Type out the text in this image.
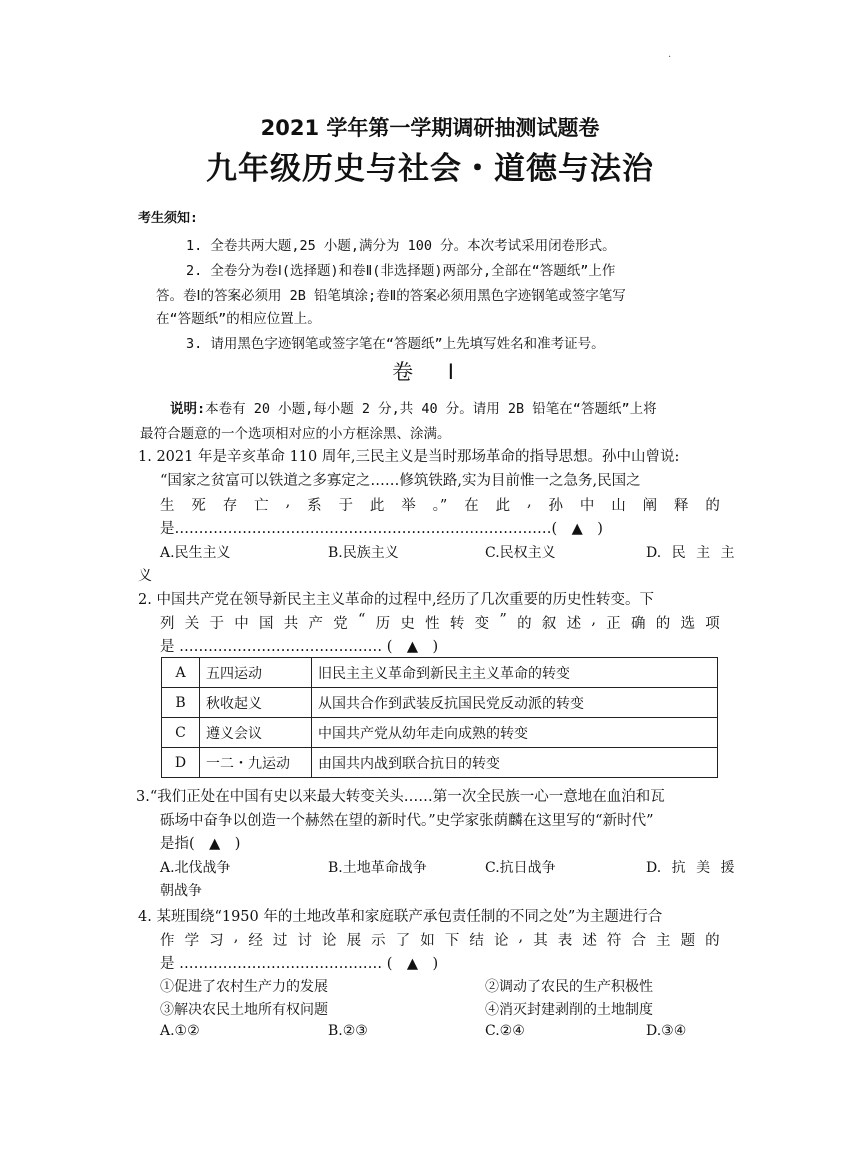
·
2021 学年第一学期调研抽测试题卷
九年级历史与社会・道德与法治
考生须知:
1. 全卷共两大题,25 小题,满分为 100 分。本次考试采用闭卷形式。
2. 全卷分为卷Ⅰ(选择题)和卷Ⅱ(非选择题)两部分,全部在“答题纸”上作
答。卷Ⅰ的答案必须用 2B 铅笔填涂;卷Ⅱ的答案必须用黑色字迹钢笔或签字笔写
在“答题纸”的相应位置上。
3. 请用黑色字迹钢笔或签字笔在“答题纸”上先填写姓名和准考证号。
卷 Ⅰ
说明:本卷有 20 小题,每小题 2 分,共 40 分。请用 2B 铅笔在“答题纸”上将
最符合题意的一个选项相对应的小方框涂黑、涂满。
1. 2021 年是辛亥革命 110 周年,三民主义是当时那场革命的指导思想。孙中山曾说:
“国家之贫富可以铁道之多寡定之……修筑铁路,实为目前惟一之急务,民国之
生 死 存 亡 , 系 于 此 举 。” 在 此 , 孙 中 山 阐 释 的
是……………………………………………………………………(　▲　)
A.民生主义	B.民族主义	C.民权主义	D. 民 主 主
义
2. 中国共产党在领导新民主主义革命的过程中,经历了几次重要的历史性转变。下
列 关 于 中 国 共 产 党 “ 历 史 性 转 变 ” 的 叙 述 , 正 确 的 选 项
是 …………………………………… (　▲　)
A	五四运动	旧民主主义革命到新民主主义革命的转变
B	秋收起义	从国共合作到武装反抗国民党反动派的转变
C	遵义会议	中国共产党从幼年走向成熟的转变
D	一二・九运动	由国共内战到联合抗日的转变
3.“我们正处在中国有史以来最大转变关头……第一次全民族一心一意地在血泊和瓦
砾场中奋争以创造一个赫然在望的新时代。”史学家张荫麟在这里写的“新时代”
是指(　▲　)
A.北伐战争	B.土地革命战争	C.抗日战争	D. 抗 美 援
朝战争
4. 某班围绕“1950 年的土地改革和家庭联产承包责任制的不同之处”为主题进行合
作 学 习 , 经 过 讨 论 展 示 了 如 下 结 论 , 其 表 述 符 合 主 题 的
是 …………………………………… (　▲　)
①促进了农村生产力的发展	②调动了农民的生产积极性
③解决农民土地所有权问题	④消灭封建剥削的土地制度
A.①②	B.②③	C.②④	D.③④
